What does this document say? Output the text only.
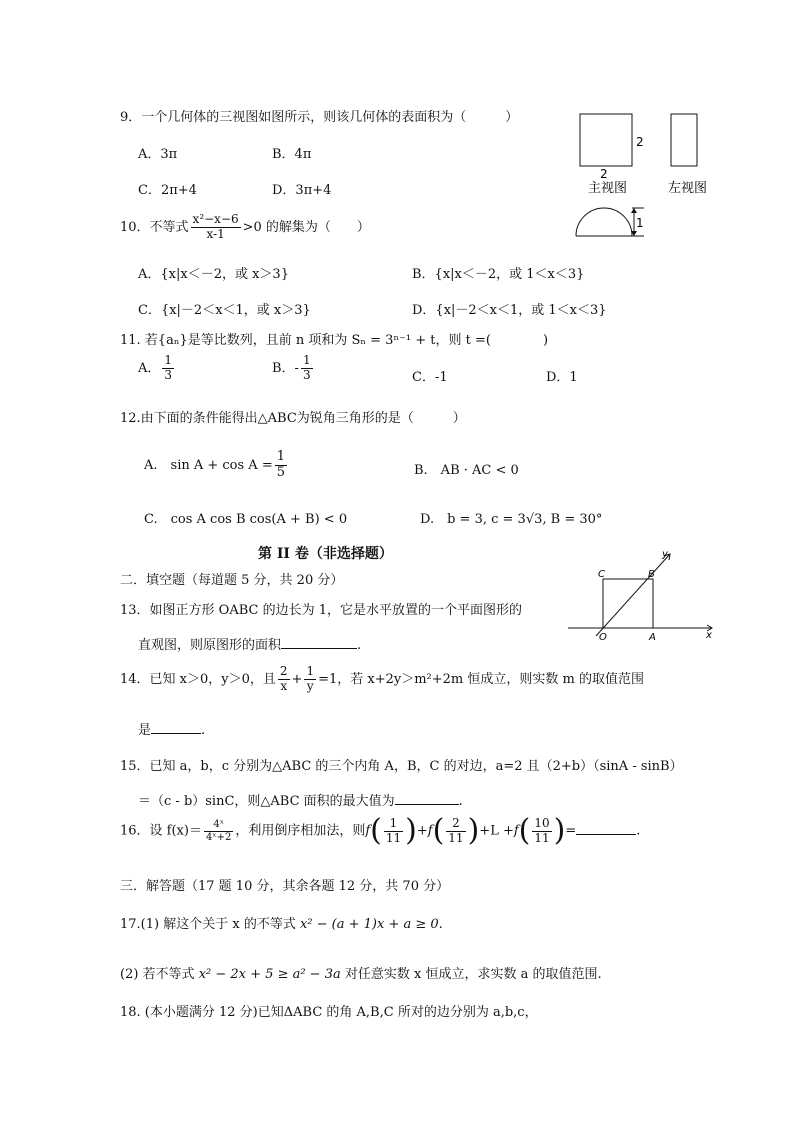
9．一个几何体的三视图如图所示，则该几何体的表面积为（　　　）
A．3π	B．4π
C．2π+4	D．3π+4
2
2
主视图	左视图
1
10．不等式 $\frac{\text{x²−x−6}}{x-1} >0$ 的解集为（　　）
A．{x|x＜－2，或 x＞3}	B．{x|x＜－2，或 1＜x＜3}
C．{x|－2＜x＜1，或 x＞3}	D．{x|－2＜x＜1，或 1＜x＜3}
11. 若{aₙ}是等比数列，且前 n 项和为 Sₙ = 3ⁿ⁻¹ + t，则 t =(　　　　)
A． $\frac{1}{3}$	B．- $\frac{1}{3}$	C．-1	D．1
12.由下面的条件能得出△ABC为锐角三角形的是（　　　）
A.　$\sin A + \cos A = \frac{1}{5}$	B.　AB · AC < 0
C.　cos A cos B cos(A + B) < 0	D.　b = 3, c = 3√3, B = 30°
第 II 卷（非选择题）
二．填空题（每道题 5 分，共 20 分）
x
y
C	B
O	A
13．如图正方形 OABC 的边长为 1，它是水平放置的一个平面图形的
直观图，则原图形的面积	.
14．已知 x＞0，y＞0，且 $\frac{2}{x} + \frac{1}{y} =1$，若 x+2y＞m²+2m 恒成立，则实数 m 的取值范围
是	.
15．已知 a，b，c 分别为△ABC 的三个内角 A，B，C 的对边，a=2 且（2+b）（sinA - sinB）
＝（c - b）sinC，则△ABC 面积的最大值为	.
16．设 $f(x)= \frac{\text{4ˣ}}{\text{4ˣ+2}}$ ，利用倒序相加法，则$f( \frac{1}{11} )+f( \frac{2}{11} )+L +f( \frac{10}{11}$ )=	.
三．解答题（17 题 10 分，其余各题 12 分，共 70 分）
17.(1) 解这个关于 x 的不等式 x² − (a + 1)x + a ≥ 0.
(2) 若不等式 x² − 2x + 5 ≥ a² − 3a 对任意实数 x 恒成立，求实数 a 的取值范围.
18. (本小题满分 12 分)已知ΔABC 的角 A,B,C 所对的边分别为 a,b,c，
